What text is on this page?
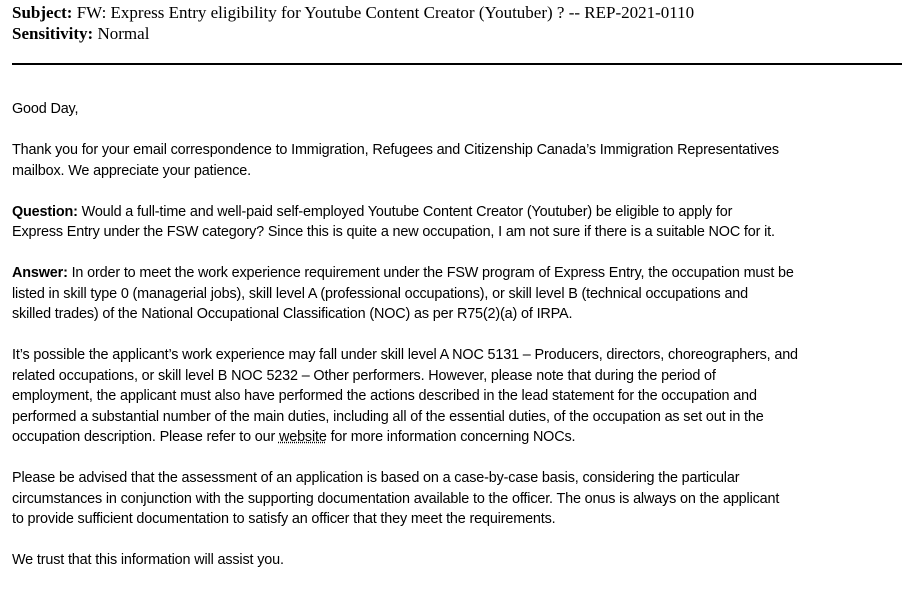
Subject: FW: Express Entry eligibility for Youtube Content Creator (Youtuber) ? -- REP-2021-0110
Sensitivity: Normal

Good Day,

Thank you for your email correspondence to Immigration, Refugees and Citizenship Canada’s Immigration Representatives
mailbox. We appreciate your patience.

Question: Would a full-time and well-paid self-employed Youtube Content Creator (Youtuber) be eligible to apply for
Express Entry under the FSW category? Since this is quite a new occupation, I am not sure if there is a suitable NOC for it.

Answer: In order to meet the work experience requirement under the FSW program of Express Entry, the occupation must be
listed in skill type 0 (managerial jobs), skill level A (professional occupations), or skill level B (technical occupations and
skilled trades) of the National Occupational Classification (NOC) as per R75(2)(a) of IRPA.

It’s possible the applicant’s work experience may fall under skill level A NOC 5131 – Producers, directors, choreographers, and
related occupations, or skill level B NOC 5232 – Other performers. However, please note that during the period of
employment, the applicant must also have performed the actions described in the lead statement for the occupation and
performed a substantial number of the main duties, including all of the essential duties, of the occupation as set out in the
occupation description. Please refer to our website for more information concerning NOCs.

Please be advised that the assessment of an application is based on a case-by-case basis, considering the particular
circumstances in conjunction with the supporting documentation available to the officer. The onus is always on the applicant
to provide sufficient documentation to satisfy an officer that they meet the requirements.

We trust that this information will assist you.
